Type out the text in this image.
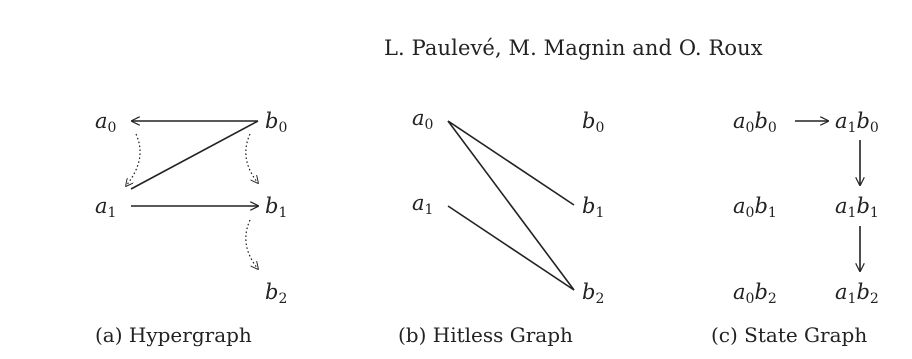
L. Paulevé, M. Magnin and O. Roux
a0	b0
a1	b1
b2
(a) Hypergraph
a0	b0
a1	b1
b2
(b) Hitless Graph
a0b0	a1b0
a0b1	a1b1
a0b2	a1b2
(c) State Graph
